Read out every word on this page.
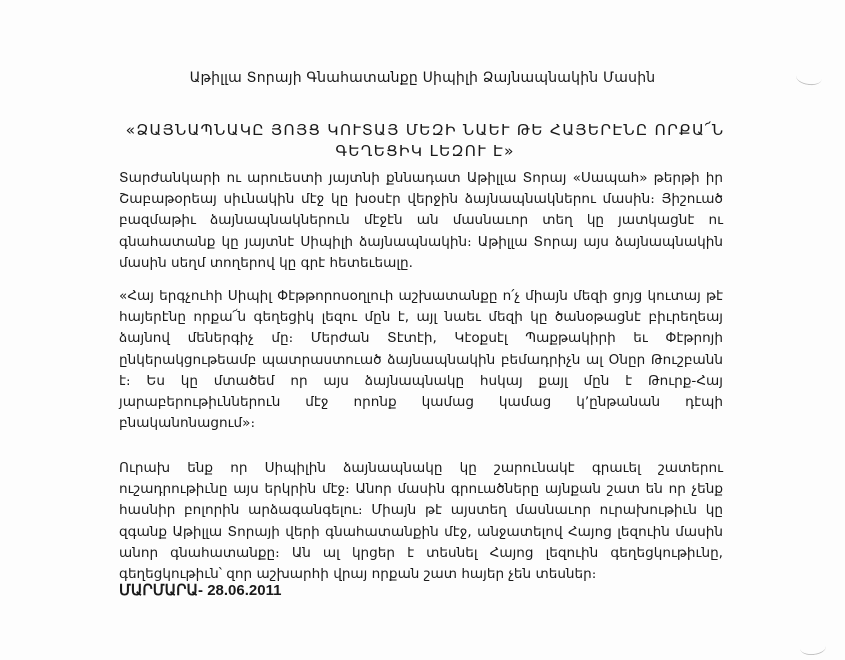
Աթիլլա Տորայի Գնահատանքը Սիպիլի Ձայնապնակին Մասին
«ՁԱՅՆԱՊՆԱԿԸ ՅՈՅՑ ԿՈՒՏԱՅ ՄԵԶԻ ՆԱԵՒ ԹԵ ՀԱՅԵՐԷՆԸ ՈՐՔԱ՜Ն ԳԵՂԵՑԻԿ ԼԵԶՈՒ Է»

Տարժանկարի ու արուեստի յայտնի քննադատ Աթիլլա Տորայ «Սապահ» թերթի իր Շաբաթօրեայ սիւնակին մէջ կը խօսէր վերջին ձայնապնակներու մասին։ Յիշուած բազմաթիւ ձայնապնակներուն մէջէն ան մասնաւոր տեղ կը յատկացնէ ու գնահատանք կը յայտնէ Սիպիլի ձայնապնակին։ Աթիլլա Տորայ այս ձայնապնակին մասին սեղմ տողերով կը գրէ հետեւեալը.

«Հայ երգչուհի Սիպիլ Փէթթորոսօղլուի աշխատանքը ո՛չ միայն մեզի ցոյց կուտայ թէ հայերէնը որքա՜ն գեղեցիկ լեզու մըն է, այլ նաեւ մեզի կը ծանօթացնէ բիւրեղեայ ձայնով մեներգիչ մը։ Մերժան Տէտէի, Կէօքսէլ Պաքթակիրի եւ Փէթրոյի ընկերակցութեամբ պատրաստուած ձայնապնակին բեմադրիչն ալ Օնըր Թուշբանն է։ Ես կը մտածեմ որ այս ձայնապնակը հսկայ քայլ մըն է Թուրք-Հայ յարաբերութիւններուն մէջ որոնք կամաց կամաց կ՚ընթանան դէպի բնականոնացում»։

Ուրախ ենք որ Սիպիլին ձայնապնակը կը շարունակէ գրաւել շատերու ուշադրութիւնը այս երկրին մէջ։ Անոր մասին գրուածները այնքան շատ են որ չենք հասնիր բոլորին արձագանգելու։ Միայն թէ այստեղ մասնաւոր ուրախութիւն կը զգանք Աթիլլա Տորայի վերի գնահատանքին մէջ, անջատելով Հայոց լեզուին մասին անոր գնահատանքը։ Ան ալ կրցեր է տեսնել Հայոց լեզուին գեղեցկութիւնը, գեղեցկութիւն՝ զոր աշխարհի վրայ որքան շատ հայեր չեն տեսներ։

ՄԱՐՄԱՐԱ- 28.06.2011
